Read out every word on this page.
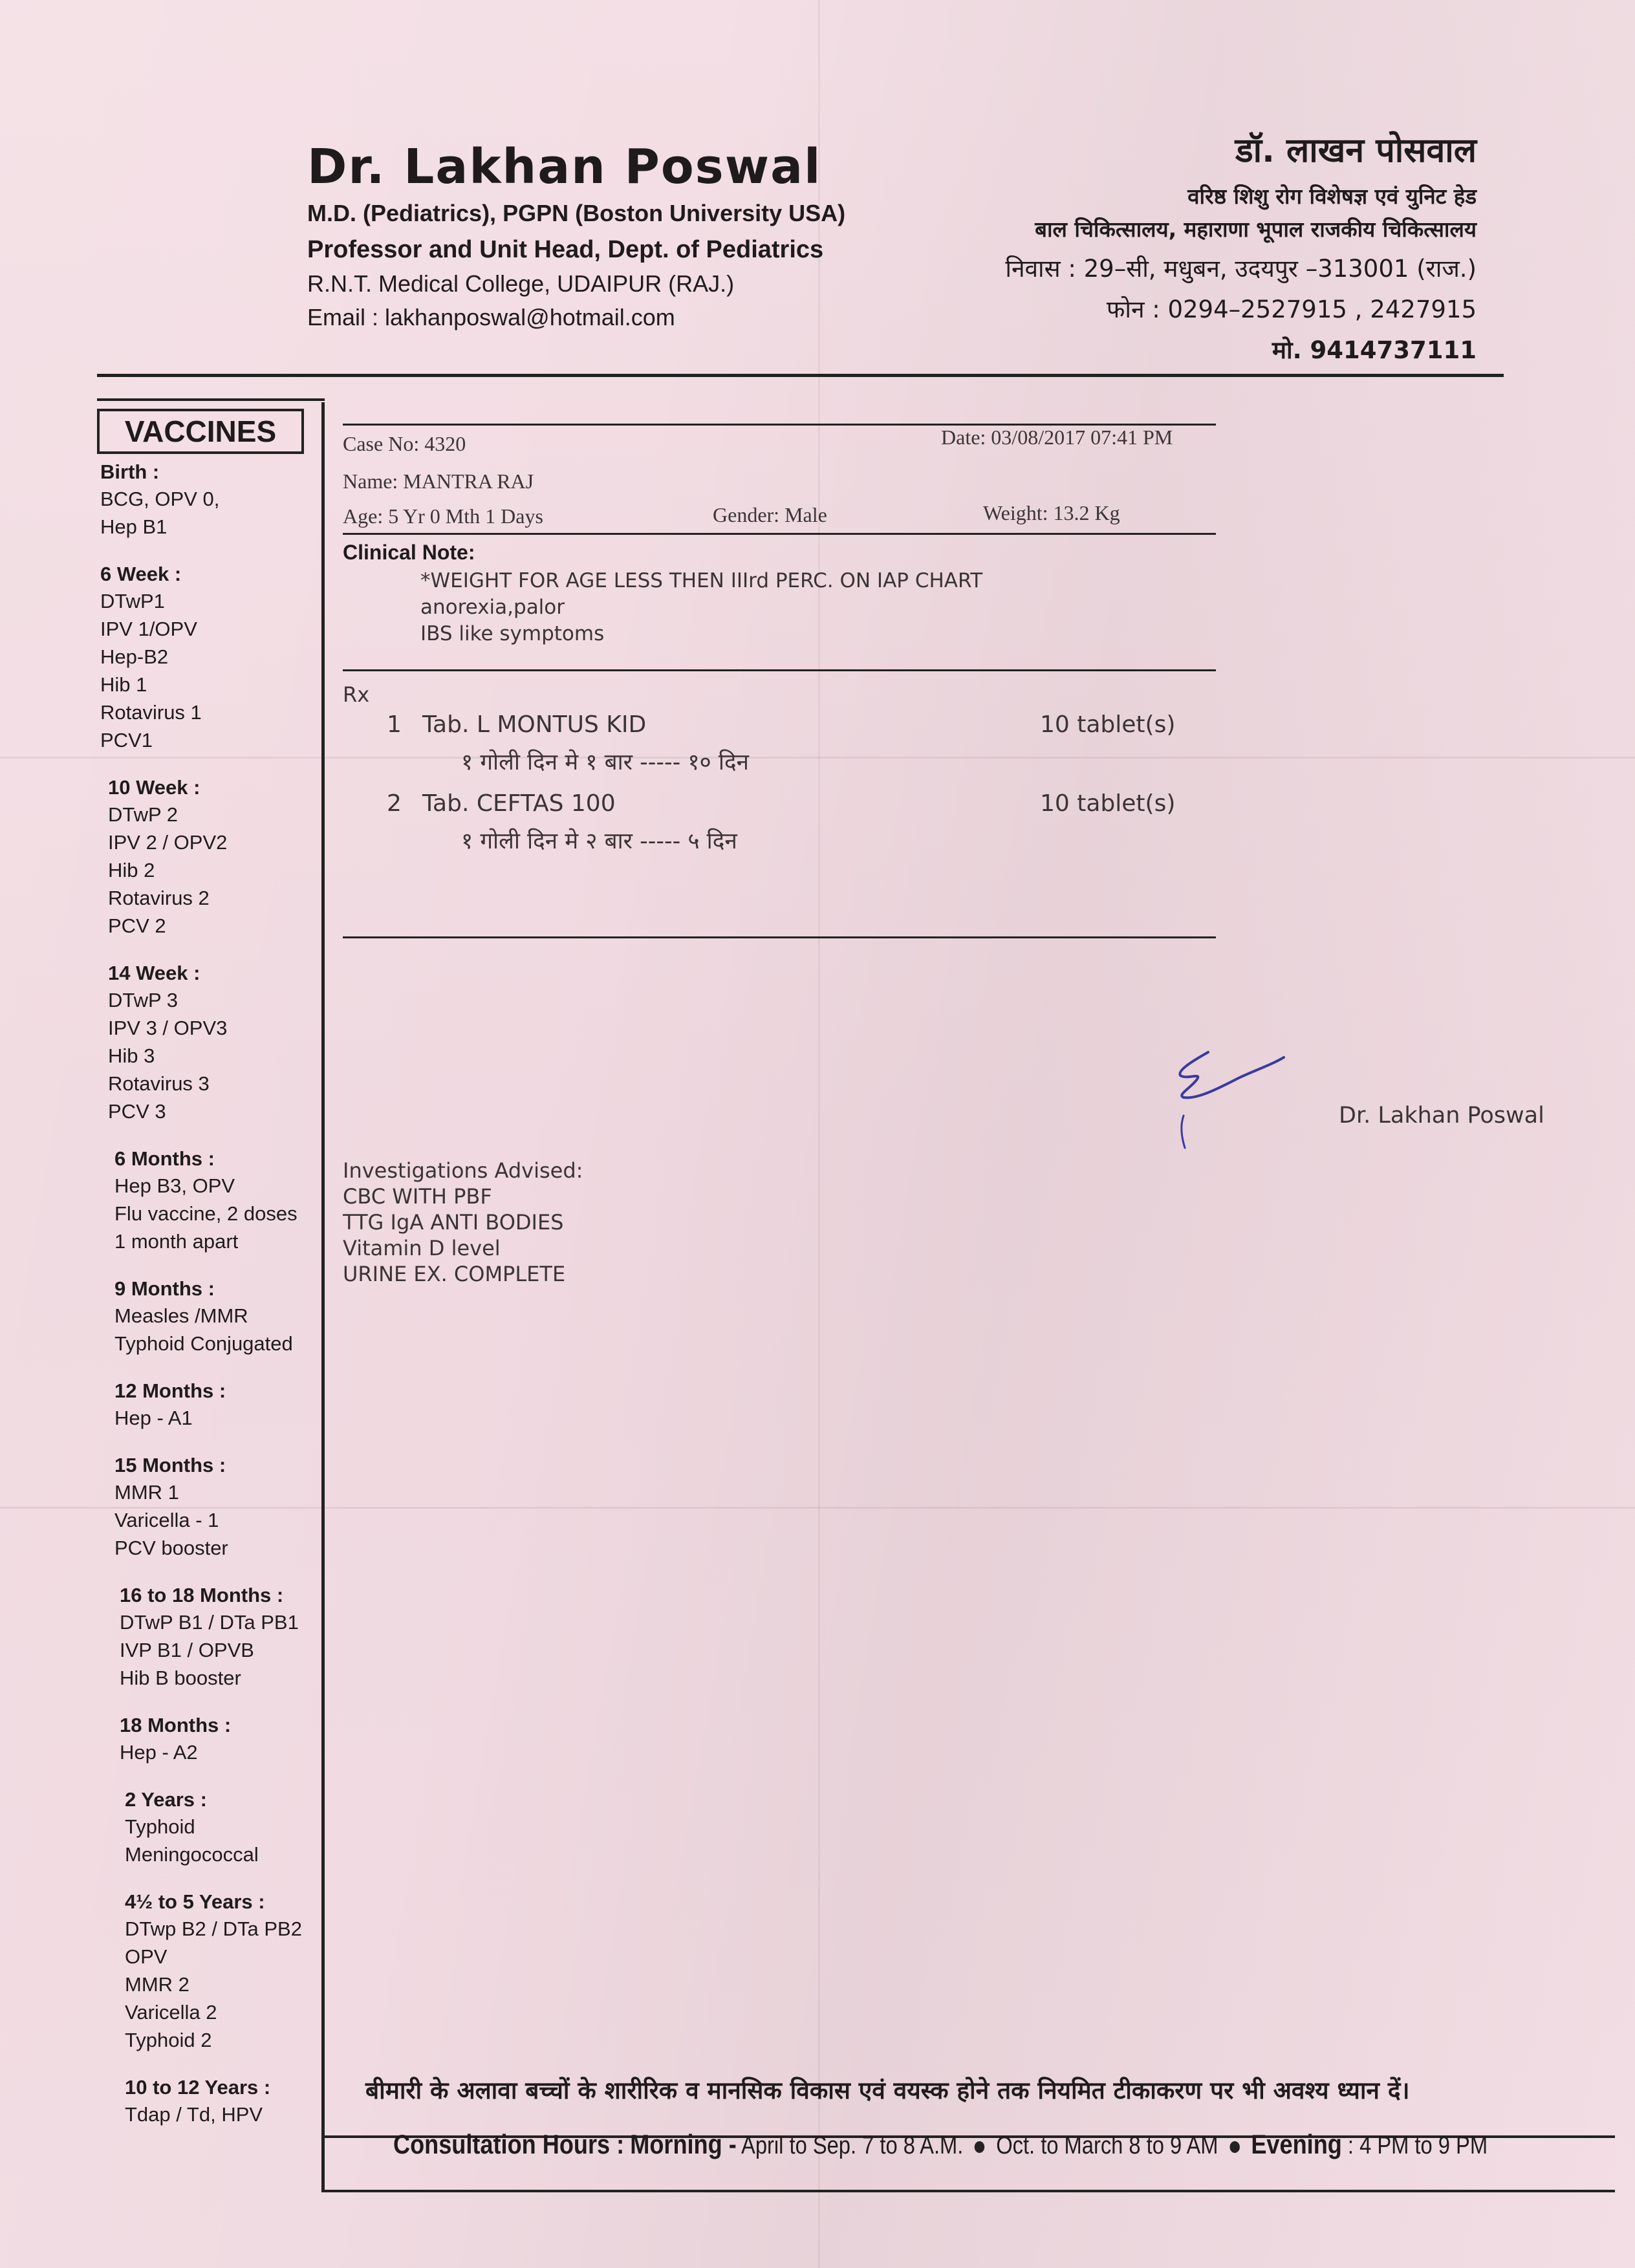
Dr. Lakhan Poswal
M.D. (Pediatrics), PGPN (Boston University USA)
Professor and Unit Head, Dept. of Pediatrics
R.N.T. Medical College, UDAIPUR (RAJ.)
Email : lakhanposwal@hotmail.com
डॉ. लाखन पोसवाल
वरिष्ठ शिशु रोग विशेषज्ञ एवं युनिट हेड
बाल चिकित्सालय, महाराणा भूपाल राजकीय चिकित्सालय
निवास : 29–सी, मधुबन, उदयपुर –313001 (राज.)
फोन : 0294–2527915 , 2427915
मो. 9414737111
VACCINES
Birth :
BCG, OPV 0,
Hep B1
6 Week :
DTwP1
IPV 1/OPV
Hep-B2
Hib 1
Rotavirus 1
PCV1
10 Week :
DTwP 2
IPV 2 / OPV2
Hib 2
Rotavirus 2
PCV 2
14 Week :
DTwP 3
IPV 3 / OPV3
Hib 3
Rotavirus 3
PCV 3
6 Months :
Hep B3, OPV
Flu vaccine, 2 doses
1 month apart
9 Months :
Measles /MMR
Typhoid Conjugated
12 Months :
Hep - A1
15 Months :
MMR 1
Varicella - 1
PCV booster
16 to 18 Months :
DTwP B1 / DTa PB1
IVP B1 / OPVB
Hib B booster
18 Months :
Hep - A2
2 Years :
Typhoid
Meningococcal
4½ to 5 Years :
DTwp B2 / DTa PB2
OPV
MMR 2
Varicella 2
Typhoid 2
10 to 12 Years :
Tdap / Td, HPV
Case No: 4320	Date: 03/08/2017 07:41 PM
Name: MANTRA RAJ
Age: 5 Yr 0 Mth 1 Days	Gender: Male	Weight: 13.2 Kg
Clinical Note:
*WEIGHT FOR AGE LESS THEN IIIrd PERC. ON IAP CHART
anorexia,palor
IBS like symptoms
Rx
1 Tab. L MONTUS KID	10 tablet(s)
१ गोली दिन मे १ बार ----- १० दिन
2 Tab. CEFTAS 100	10 tablet(s)
१ गोली दिन मे २ बार ----- ५ दिन
Dr. Lakhan Poswal
Investigations Advised:
CBC WITH PBF
TTG IgA ANTI BODIES
Vitamin D level
URINE EX. COMPLETE
बीमारी के अलावा बच्चों के शारीरिक व मानसिक विकास एवं वयस्क होने तक नियमित टीकाकरण पर भी अवश्य ध्यान दें।
Consultation Hours : Morning - April to Sep. 7 to 8 A.M. Oct. to March 8 to 9 AM Evening : 4 PM to 9 PM
